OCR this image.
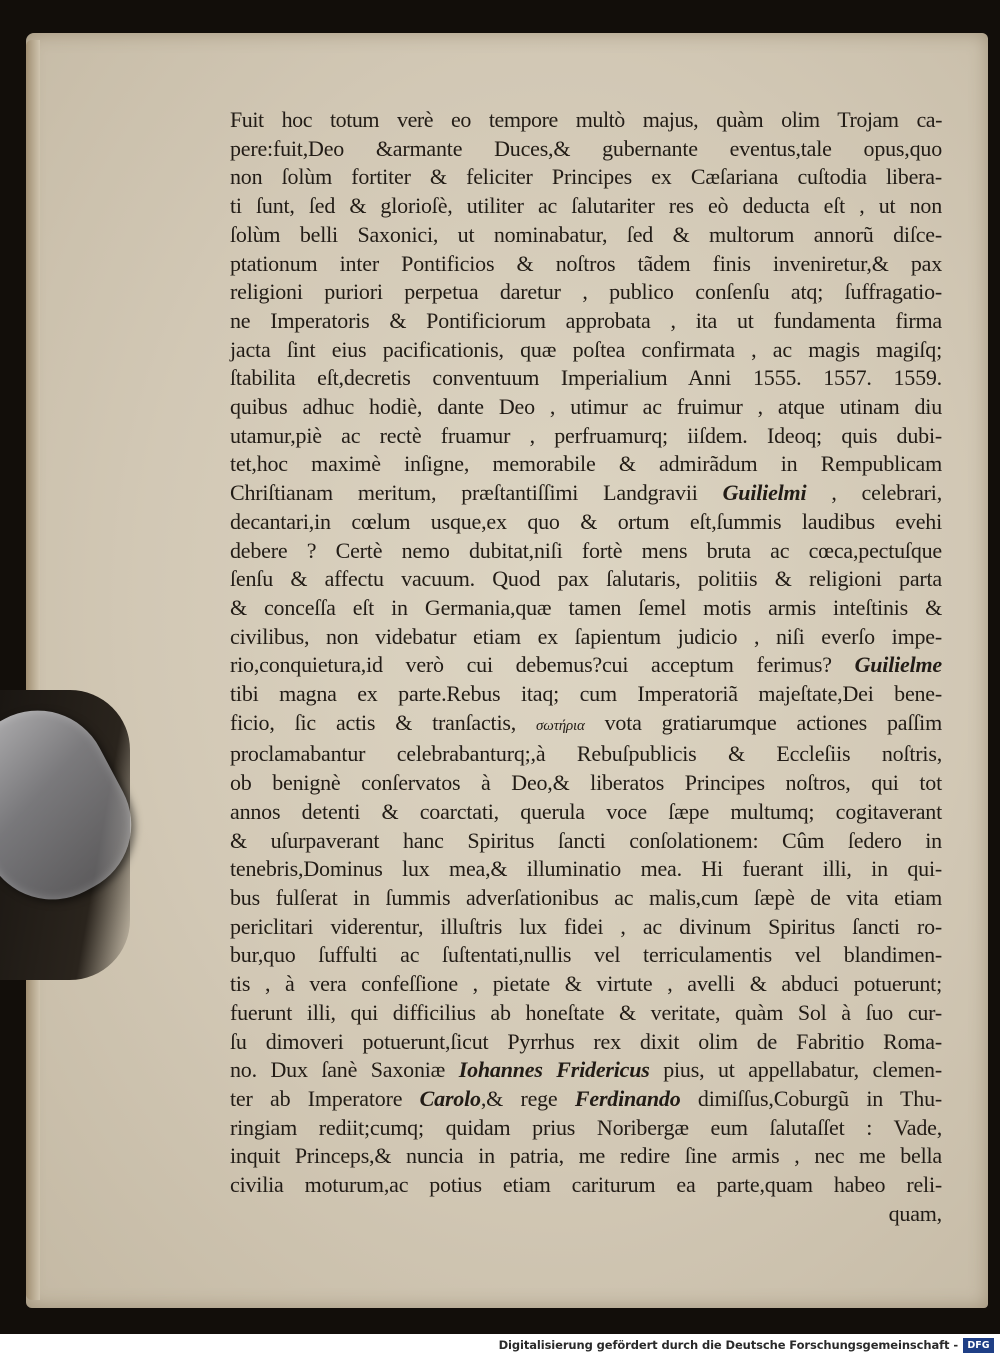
Fuit hoc totum verè eo tempore multò majus, quàm olim Trojam ca-
pere:fuit,Deo &armante Duces,& gubernante eventus,tale opus,quo
non ſolùm fortiter & feliciter Principes ex Cæſariana cuſtodia libera-
ti ſunt, ſed & glorioſè, utiliter ac ſalutariter res eò deducta eſt , ut non
ſolùm belli Saxonici, ut nominabatur, ſed & multorum annorũ diſce-
ptationum inter Pontificios & noſtros tãdem finis inveniretur,& pax
religioni puriori perpetua daretur , publico conſenſu atq; ſuffragatio-
ne Imperatoris & Pontificiorum approbata , ita ut fundamenta firma
jacta ſint eius pacificationis, quæ poſtea confirmata , ac magis magiſq;
ſtabilita eſt,decretis conventuum Imperialium Anni 1555. 1557. 1559.
quibus adhuc hodiè, dante Deo , utimur ac fruimur , atque utinam diu
utamur,piè ac rectè fruamur , perfruamurq; iiſdem. Ideoq; quis dubi-
tet,hoc maximè inſigne, memorabile & admirãdum in Rempublicam
Chriſtianam meritum, præſtantiſſimi Landgravii Guilielmi , celebrari,
decantari,in cœlum usque,ex quo & ortum eſt,ſummis laudibus evehi
debere ? Certè nemo dubitat,niſi fortè mens bruta ac cœca,pectuſque
ſenſu & affectu vacuum. Quod pax ſalutaris, politiis & religioni parta
& conceſſa eſt in Germania,quæ tamen ſemel motis armis inteſtinis &
civilibus, non videbatur etiam ex ſapientum judicio , niſi everſo impe-
rio,conquietura,id verò cui debemus?cui acceptum ferimus? Guilielme
tibi magna ex parte.Rebus itaq; cum Imperatoriã majeſtate,Dei bene-
ficio, ſic actis & tranſactis, σωτήρια vota gratiarumque actiones paſſim
proclamabantur celebrabanturq;,à Rebuſpublicis & Eccleſiis noſtris,
ob benignè conſervatos à Deo,& liberatos Principes noſtros, qui tot
annos detenti & coarctati, querula voce ſæpe multumq; cogitaverant
& uſurpaverant hanc Spiritus ſancti conſolationem: Cûm ſedero in
tenebris,Dominus lux mea,& illuminatio mea. Hi fuerant illi, in qui-
bus fulſerat in ſummis adverſationibus ac malis,cum ſæpè de vita etiam
periclitari viderentur, illuſtris lux fidei , ac divinum Spiritus ſancti ro-
bur,quo ſuffulti ac ſuſtentati,nullis vel terriculamentis vel blandimen-
tis , à vera confeſſione , pietate & virtute , avelli & abduci potuerunt;
fuerunt illi, qui difficilius ab honeſtate & veritate, quàm Sol à ſuo cur-
ſu dimoveri potuerunt,ſicut Pyrrhus rex dixit olim de Fabritio Roma-
no. Dux ſanè Saxoniæ Iohannes Fridericus pius, ut appellabatur, clemen-
ter ab Imperatore Carolo,& rege Ferdinando dimiſſus,Coburgũ in Thu-
ringiam rediit;cumq; quidam prius Noribergæ eum ſalutaſſet : Vade,
inquit Princeps,& nuncia in patria, me redire ſine armis , nec me bella
civilia moturum,ac potius etiam cariturum ea parte,quam habeo reli-
quam,
Digitalisierung gefördert durch die Deutsche Forschungsgemeinschaft - DFG
